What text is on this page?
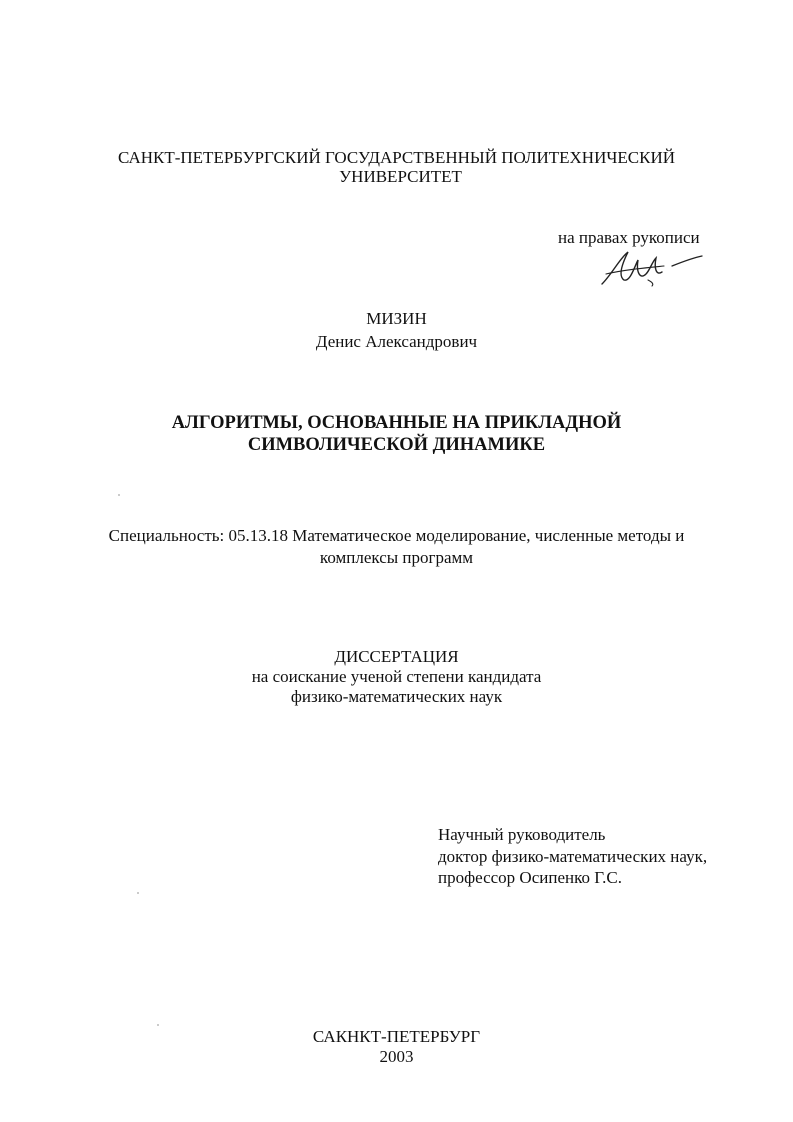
САНКТ-ПЕТЕРБУРГСКИЙ ГОСУДАРСТВЕННЫЙ ПОЛИТЕХНИЧЕСКИЙ
УНИВЕРСИТЕТ
на правах рукописи
МИЗИН
Денис Александрович
АЛГОРИТМЫ, ОСНОВАННЫЕ НА ПРИКЛАДНОЙ
СИМВОЛИЧЕСКОЙ ДИНАМИКЕ
Специальность: 05.13.18 Математическое моделирование, численные методы и
комплексы программ
ДИССЕРТАЦИЯ
на соискание ученой степени кандидата
физико-математических наук
Научный руководитель
доктор физико-математических наук,
профессор Осипенко Г.С.
САКНКТ-ПЕТЕРБУРГ
2003
